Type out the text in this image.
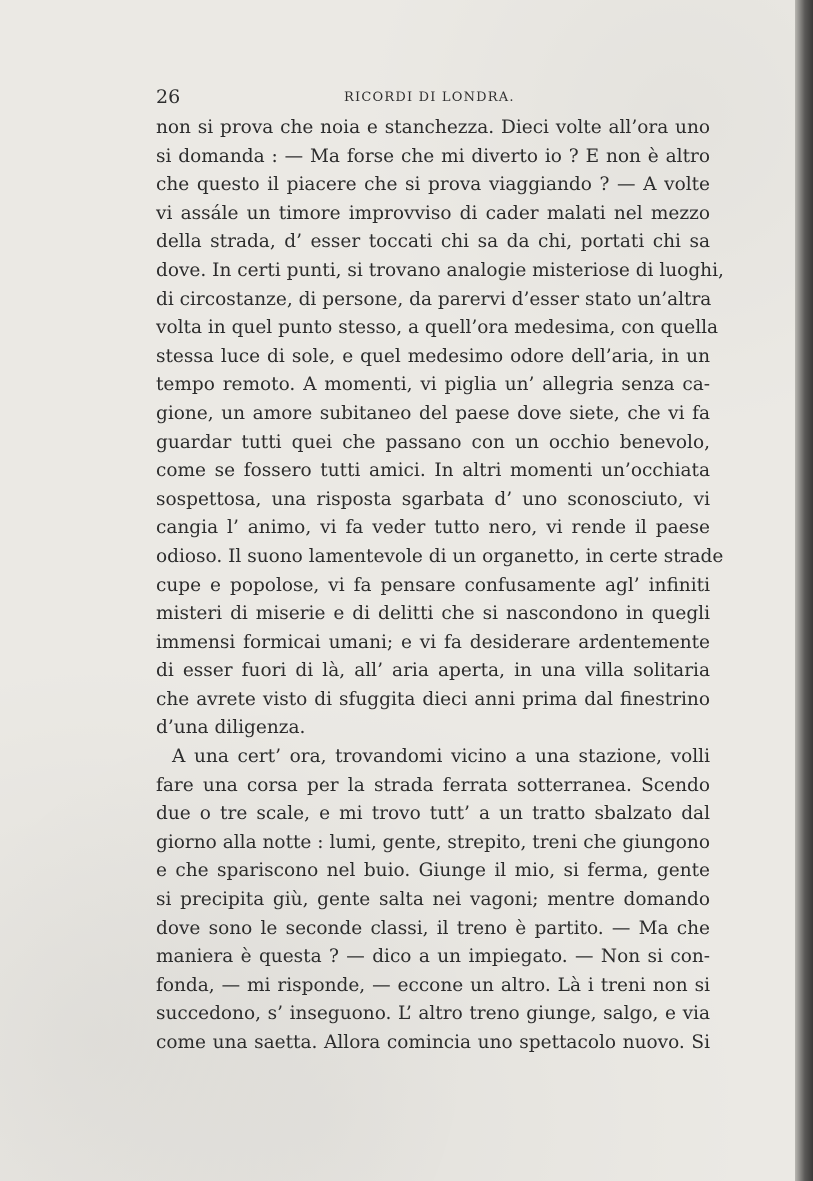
26	RICORDI DI LONDRA.
non si prova che noia e stanchezza. Dieci volte all’ora uno
si domanda : — Ma forse che mi diverto io ? E non è altro
che questo il piacere che si prova viaggiando ? — A volte
vi assále un timore improvviso di cader malati nel mezzo
della strada, d’ esser toccati chi sa da chi, portati chi sa
dove. In certi punti, si trovano analogie misteriose di luoghi,
di circostanze, di persone, da parervi d’esser stato un’altra
volta in quel punto stesso, a quell’ora medesima, con quella
stessa luce di sole, e quel medesimo odore dell’aria, in un
tempo remoto. A momenti, vi piglia un’ allegria senza ca-
gione, un amore subitaneo del paese dove siete, che vi fa
guardar tutti quei che passano con un occhio benevolo,
come se fossero tutti amici. In altri momenti un’occhiata
sospettosa, una risposta sgarbata d’ uno sconosciuto, vi
cangia l’ animo, vi fa veder tutto nero, vi rende il paese
odioso. Il suono lamentevole di un organetto, in certe strade
cupe e popolose, vi fa pensare confusamente agl’ infiniti
misteri di miserie e di delitti che si nascondono in quegli
immensi formicai umani; e vi fa desiderare ardentemente
di esser fuori di là, all’ aria aperta, in una villa solitaria
che avrete visto di sfuggita dieci anni prima dal finestrino
d’una diligenza.
A una cert’ ora, trovandomi vicino a una stazione, volli
fare una corsa per la strada ferrata sotterranea. Scendo
due o tre scale, e mi trovo tutt’ a un tratto sbalzato dal
giorno alla notte : lumi, gente, strepito, treni che giungono
e che spariscono nel buio. Giunge il mio, si ferma, gente
si precipita giù, gente salta nei vagoni; mentre domando
dove sono le seconde classi, il treno è partito. — Ma che
maniera è questa ? — dico a un impiegato. — Non si con-
fonda, — mi risponde, — eccone un altro. Là i treni non si
succedono, s’ inseguono. L’ altro treno giunge, salgo, e via
come una saetta. Allora comincia uno spettacolo nuovo. Si
